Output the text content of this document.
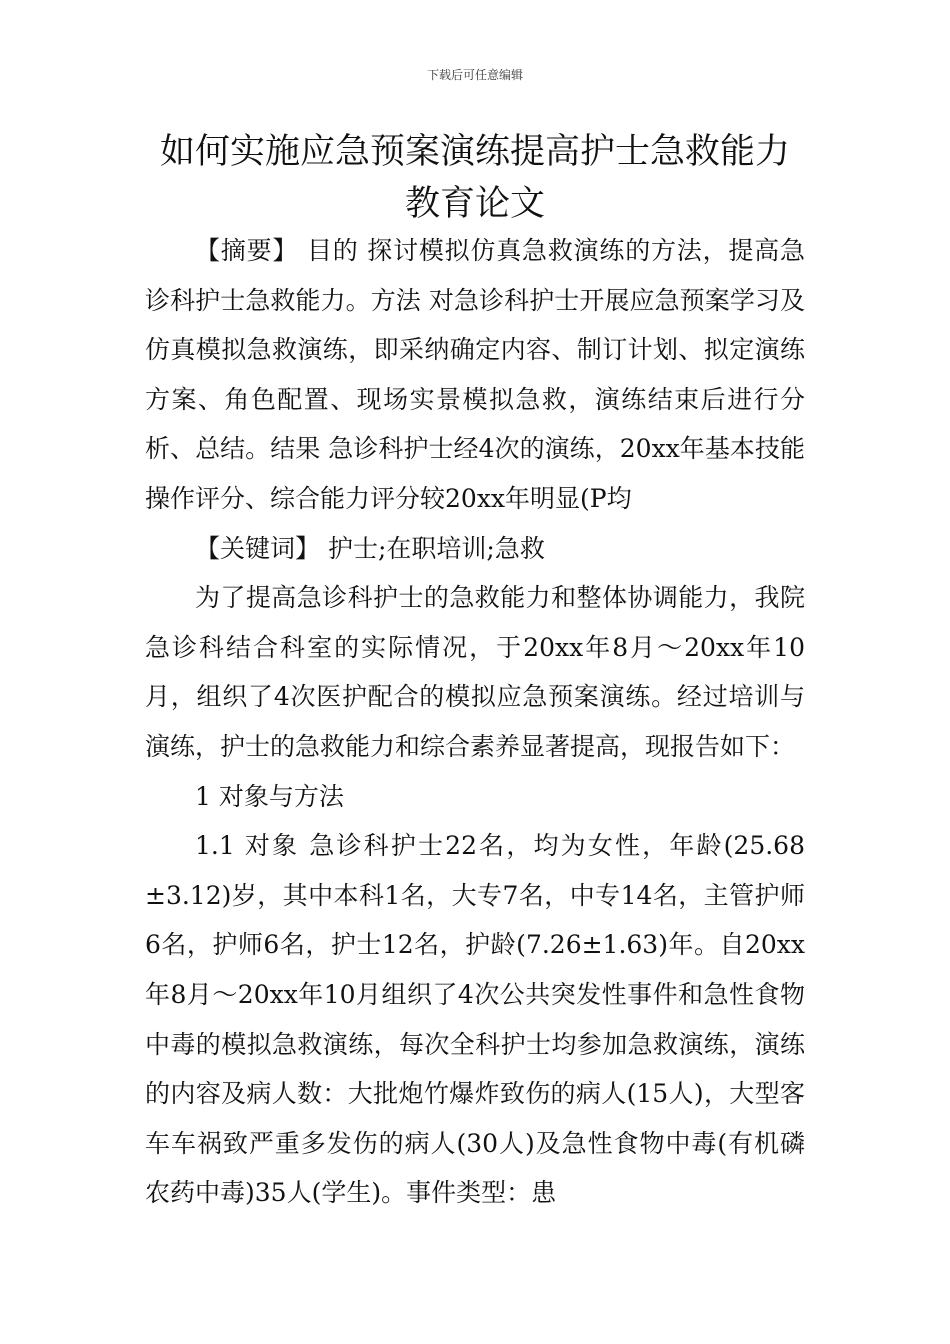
下载后可任意编辑
如何实施应急预案演练提高护士急救能力
教育论文

【摘要】 目的 探讨模拟仿真急救演练的方法，提高急诊科护士急救能力。方法 对急诊科护士开展应急预案学习及仿真模拟急救演练，即采纳确定内容、制订计划、拟定演练方案、角色配置、现场实景模拟急救，演练结束后进行分析、总结。结果 急诊科护士经4次的演练，20xx年基本技能操作评分、综合能力评分较20xx年明显(P均

【关键词】 护士;在职培训;急救

为了提高急诊科护士的急救能力和整体协调能力，我院急诊科结合科室的实际情况，于20xx年8月～20xx年10月，组织了4次医护配合的模拟应急预案演练。经过培训与演练，护士的急救能力和综合素养显著提高，现报告如下：

1 对象与方法

1.1 对象 急诊科护士22名，均为女性，年龄(25.68±3.12)岁，其中本科1名，大专7名，中专14名，主管护师6名，护师6名，护士12名，护龄(7.26±1.63)年。自20xx年8月～20xx年10月组织了4次公共突发性事件和急性食物中毒的模拟急救演练，每次全科护士均参加急救演练，演练的内容及病人数：大批炮竹爆炸致伤的病人(15人)，大型客车车祸致严重多发伤的病人(30人)及急性食物中毒(有机磷农药中毒)35人(学生)。事件类型：患
